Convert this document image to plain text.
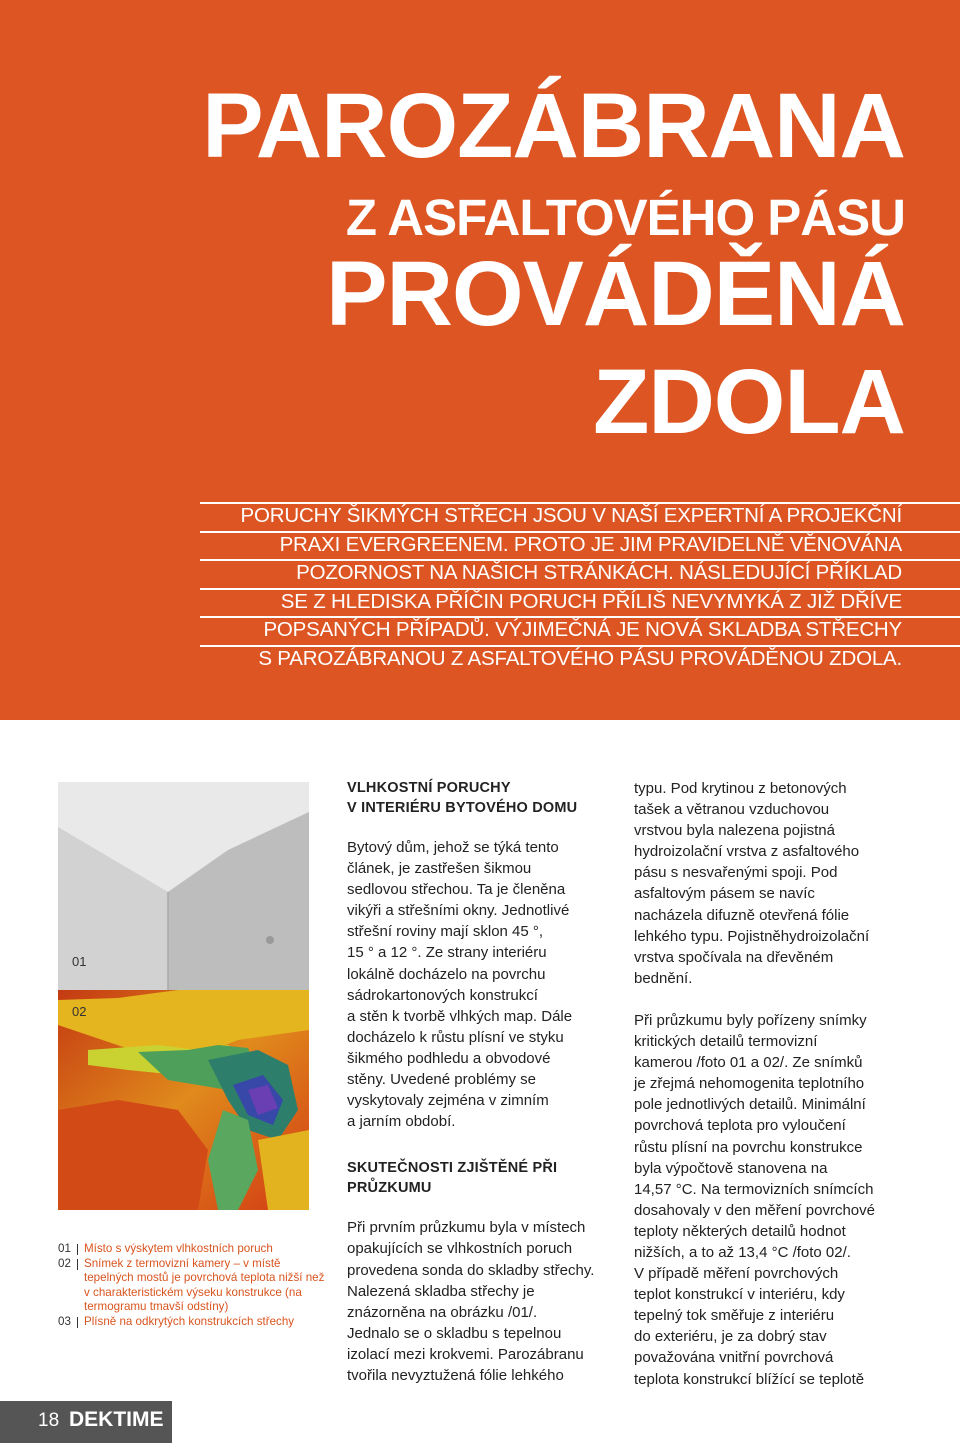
PAROZÁBRANA
Z ASFALTOVÉHO PÁSU
PROVÁDĚNÁ
ZDOLA
PORUCHY ŠIKMÝCH STŘECH JSOU V NAŠÍ EXPERTNÍ A PROJEKČNÍ
PRAXI EVERGREENEM. PROTO JE JIM PRAVIDELNĚ VĚNOVÁNA
POZORNOST NA NAŠICH STRÁNKÁCH. NÁSLEDUJÍCÍ PŘÍKLAD
SE Z HLEDISKA PŘÍČIN PORUCH PŘÍLIŠ NEVYMYKÁ Z JIŽ DŘÍVE
POPSANÝCH PŘÍPADŮ. VÝJIMEČNÁ JE NOVÁ SKLADBA STŘECHY
S PAROZÁBRANOU Z ASFALTOVÉHO PÁSU PROVÁDĚNOU ZDOLA.
01
02
01	Místo s výskytem vlhkostních poruch
02	Snímek z termovizní kamery – v místě tepelných mostů je povrchová teplota nižší než v charakteristickém výseku konstrukce (na termogramu tmavší odstíny)
03	Plísně na odkrytých konstrukcích střechy
VLHKOSTNÍ PORUCHY
V INTERIÉRU BYTOVÉHO DOMU

Bytový dům, jehož se týká tento

článek, je zastřešen šikmou

sedlovou střechou. Ta je členěna

vikýři a střešními okny. Jednotlivé

střešní roviny mají sklon 45 °,

15 ° a 12 °. Ze strany interiéru

lokálně docházelo na povrchu

sádrokartonových konstrukcí

a stěn k tvorbě vlhkých map. Dále

docházelo k růstu plísní ve styku

šikmého podhledu a obvodové

stěny. Uvedené problémy se

vyskytovaly zejména v zimním

a jarním období.

SKUTEČNOSTI ZJIŠTĚNÉ PŘI
PRŮZKUMU

Při prvním průzkumu byla v místech

opakujících se vlhkostních poruch

provedena sonda do skladby střechy.

Nalezená skladba střechy je

znázorněna na obrázku /01/.

Jednalo se o skladbu s tepelnou

izolací mezi krokvemi. Parozábranu

tvořila nevyztužená fólie lehkého

typu. Pod krytinou z betonových

tašek a větranou vzduchovou

vrstvou byla nalezena pojistná

hydroizolační vrstva z asfaltového

pásu s nesvařenými spoji. Pod

asfaltovým pásem se navíc

nacházela difuzně otevřená fólie

lehkého typu. Pojistněhydroizolační

vrstva spočívala na dřevěném

bednění.

Při průzkumu byly pořízeny snímky

kritických detailů termovizní

kamerou /foto 01 a 02/. Ze snímků

je zřejmá nehomogenita teplotního

pole jednotlivých detailů. Minimální

povrchová teplota pro vyloučení

růstu plísní na povrchu konstrukce

byla výpočtově stanovena na

14,57 °C. Na termovizních snímcích

dosahovaly v den měření povrchové

teploty některých detailů hodnot

nižších, a to až 13,4 °C /foto 02/.

V případě měření povrchových

teplot konstrukcí v interiéru, kdy

tepelný tok směřuje z interiéru

do exteriéru, je za dobrý stav

považována vnitřní povrchová

teplota konstrukcí blížící se teplotě

18 DEKTIME
